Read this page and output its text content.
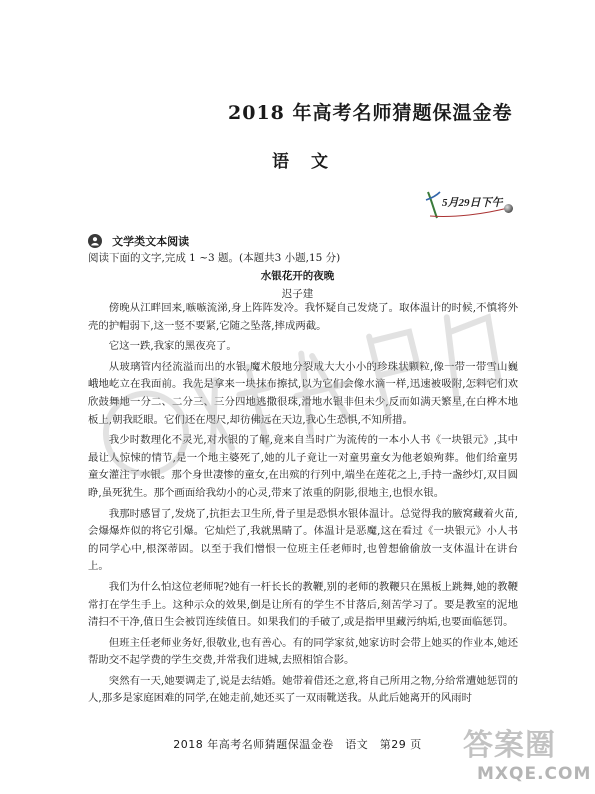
2018 年高考名师猜题保温金卷
语文
5月29日下午
文学类文本阅读
阅读下面的文字,完成 1 ~3 题。(本题共3 小题,15 分)
水银花开的夜晚
迟子建

傍晚从江畔回来,嗾嗾流涕,身上阵阵发冷。我怀疑自己发烧了。取体温计的时候,不慎将外壳的护帽弱下,这一竖不要紧,它随之坠落,摔成两截。

它这一跌,我家的黑夜亮了。

从玻璃管内径流溢而出的水银,魔术般地分裂成大大小小的珍珠状颗粒,像一带一带雪山巍峨地屹立在我面前。我先是拿来一块抹布擦拭,以为它们会像水滴一样,迅速被吸附,怎料它们欢欣鼓舞地一分二、二分三、三分四地逃撒很珠,滑地水银非但未少,反而如满天繁星,在白桦木地板上,朝我眨眼。它们还在咫尺,却彷佛远在天边,我心生恐惧,不知所措。

我少时数理化不灵光,对水银的了解,竟来自当时广为流传的一本小人书《一块银元》,其中最让人惊悚的情节,是一个地主婆死了,她的儿子竟让一对童男童女为他老娘殉葬。他们给童男童女灌注了水银。那个身世凄惨的童女,在出殡的行列中,端坐在莲花之上,手持一盏纱灯,双目圆睁,虽死犹生。那个画面给我幼小的心灵,带来了浓重的阴影,很地主,也恨水银。

我那时感冒了,发烧了,抗拒去卫生所,骨子里是恐惧水银体温计。总觉得我的腋窝藏着火苗,会爆爆炸似的将它引爆。它灿烂了,我就黑睛了。体温计是恶魔,这在看过《一块银元》小人书的同学心中,根深蒂固。以至于我们憎恨一位班主任老师时,也曾想偷偷放一支体温计在讲台上。

我们为什么怕这位老师呢?她有一杆长长的教鞭,别的老师的教鞭只在黑板上跳舞,她的教鞭常打在学生手上。这种示众的效果,倒是让所有的学生不甘落后,刻苦学习了。要是教室的泥地清扫不干净,值日生会被罚连续值日。如果我们的手破了,或是指甲里藏污纳垢,也要面临惩罚。

但班主任老师业务好,很敬业,也有善心。有的同学家贫,她家访时会带上她买的作业本,她还帮助交不起学费的学生交费,并常我们进城,去照相馆合影。

突然有一天,她要调走了,说是去结婚。她带着借还之意,将自己所用之物,分给常遭她惩罚的人,那多是家庭困难的同学,在她走前,她还买了一双雨靴送我。从此后她离开的风雨时

2018 年高考名师猜题保温金卷　语文　第29 页	答案圈
MXQE.COM
